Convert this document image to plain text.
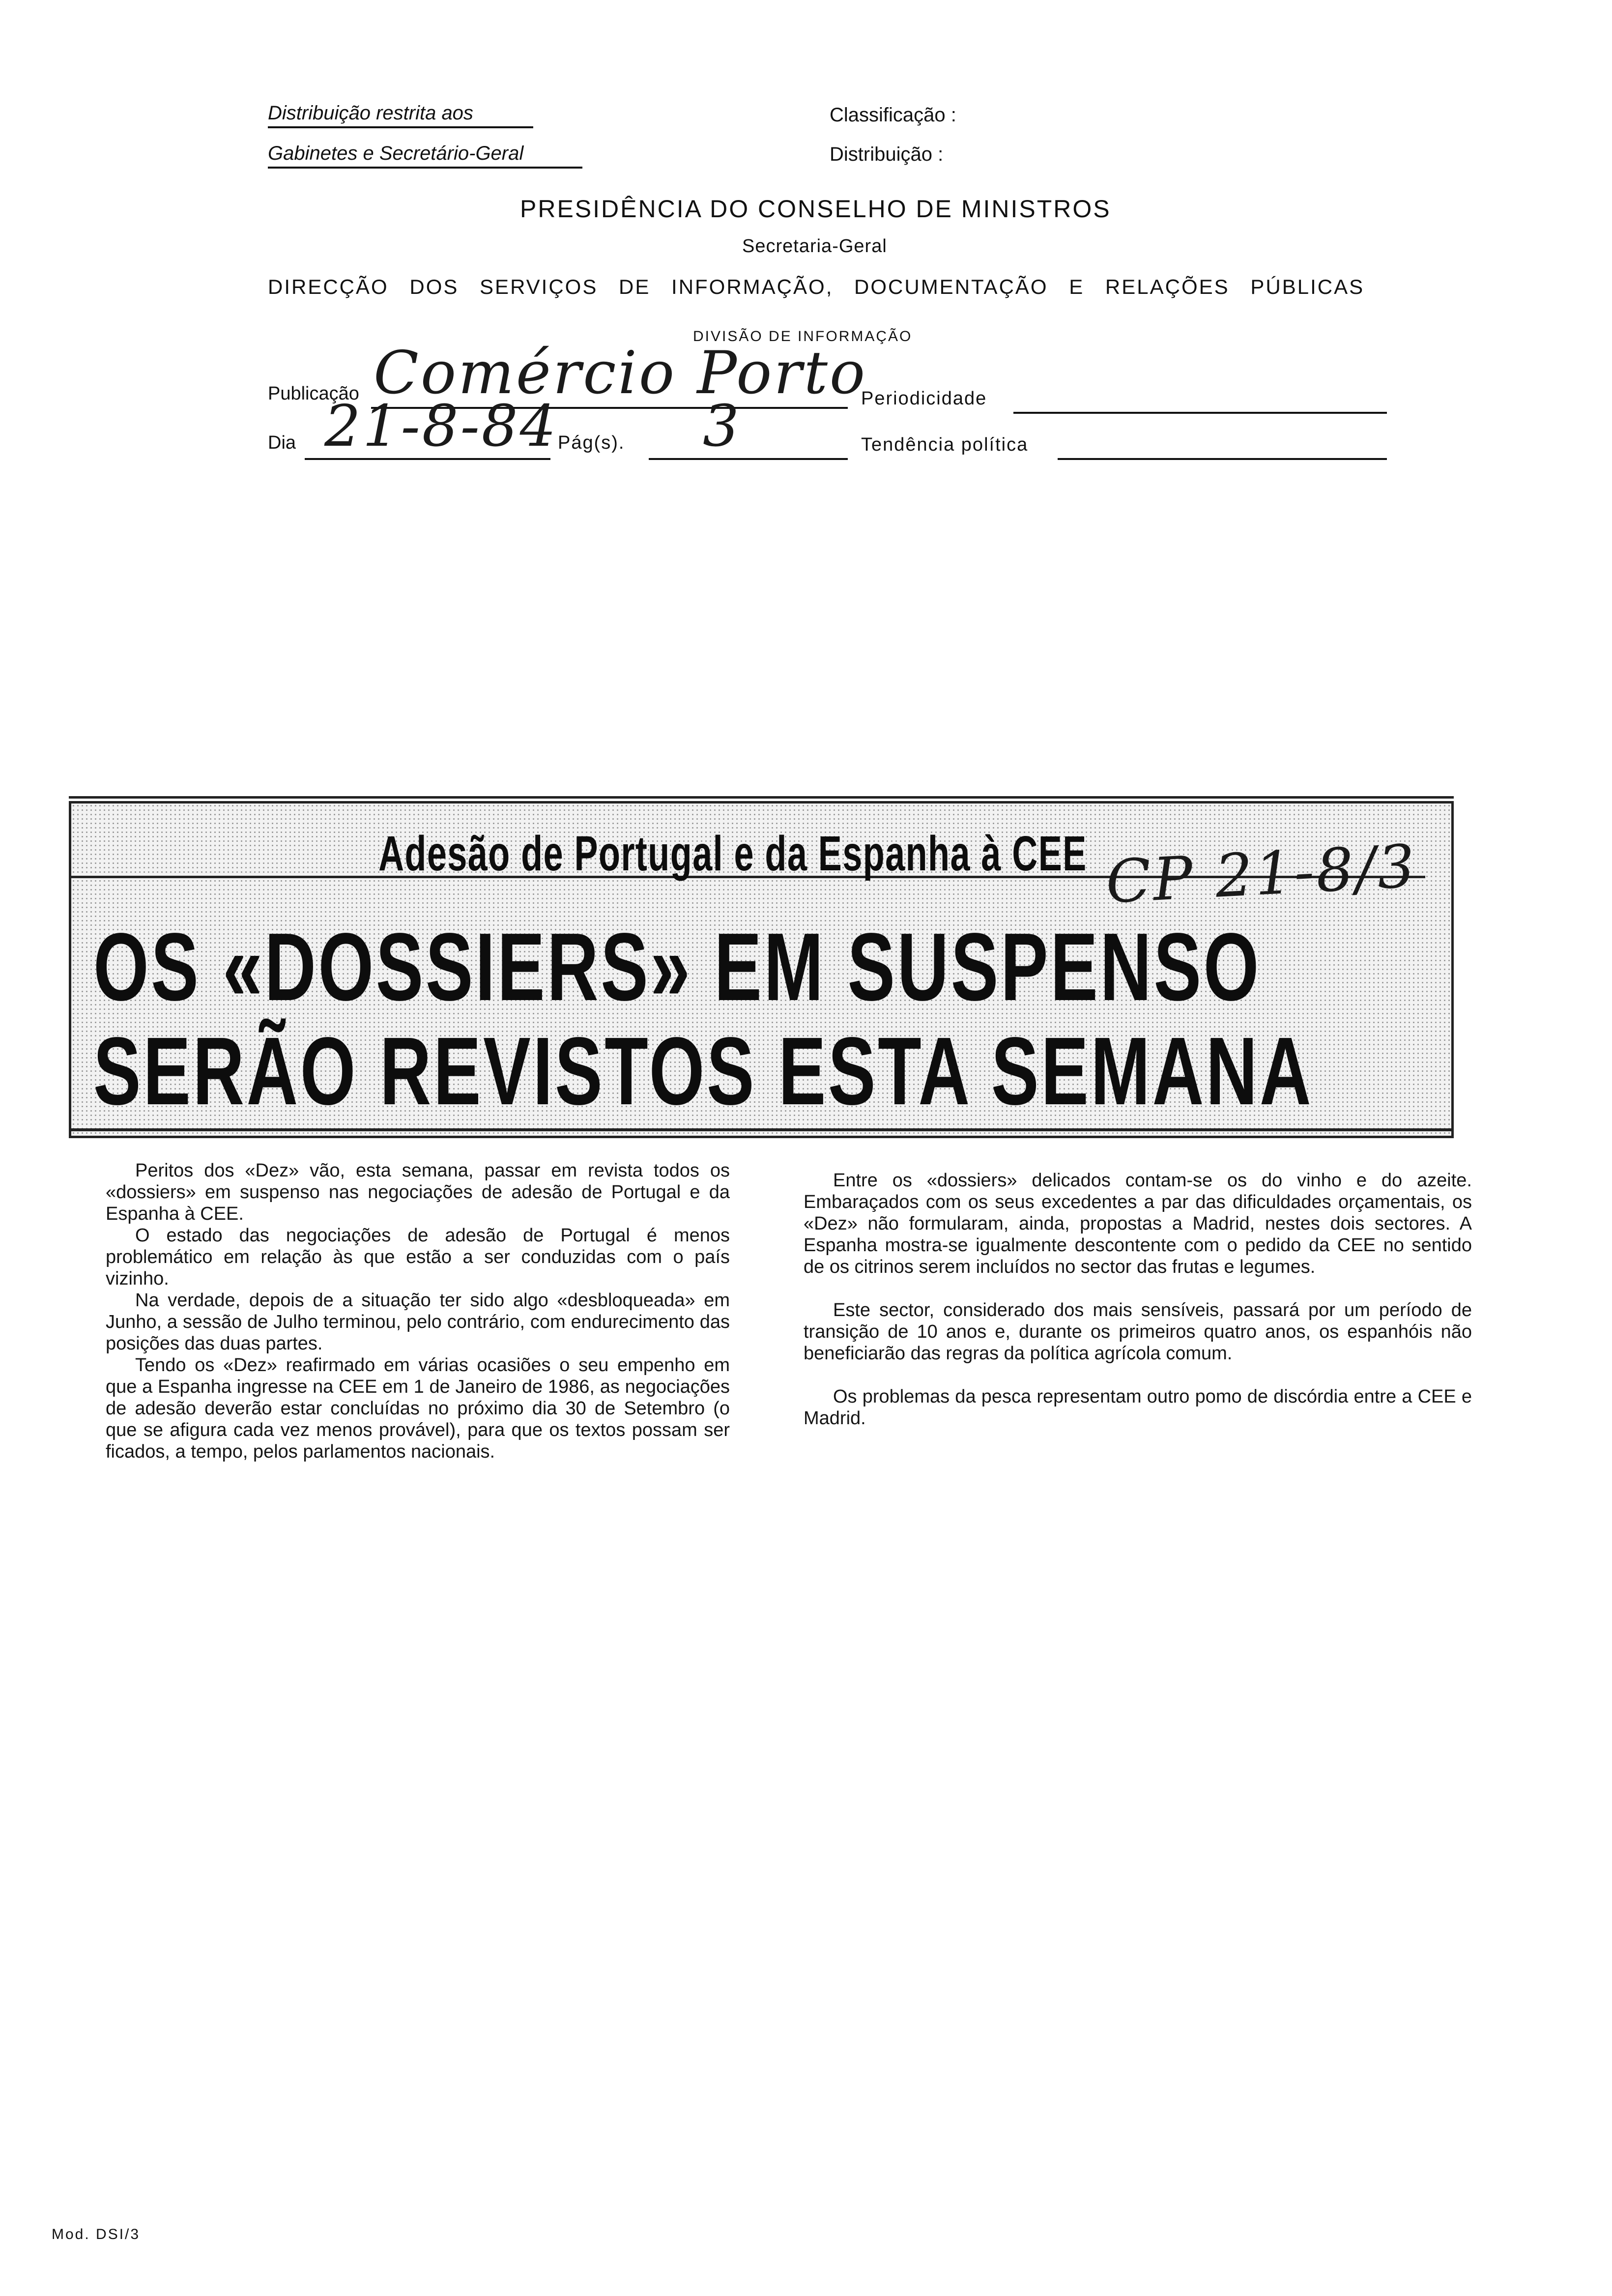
Distribuição restrita aos
Gabinetes e Secretário-Geral
Classificação :
Distribuição :
PRESIDÊNCIA DO CONSELHO DE MINISTROS
Secretaria-Geral
DIRECÇÃO DOS SERVIÇOS DE INFORMAÇÃO, DOCUMENTAÇÃO E RELAÇÕES PÚBLICAS
DIVISÃO DE INFORMAÇÃO
Publicação Comércio Porto
Periodicidade
Dia 21-8-84 Pág(s). 3	Tendência política
Adesão de Portugal e da Espanha à CEE
OS «DOSSIERS» EM SUSPENSO
SERÃO REVISTOS ESTA SEMANA
CP 21-8/3

Peritos dos «Dez» vão, esta semana, passar em revista todos os «dossiers» em suspenso nas negociações de adesão de Portugal e da Espanha à CEE.

O estado das negociações de adesão de Portugal é menos problemático em relação às que estão a ser conduzidas com o país vizinho.

Na verdade, depois de a situação ter sido algo «desbloqueada» em Junho, a sessão de Julho terminou, pelo contrário, com endurecimento das posições das duas partes.

Tendo os «Dez» reafirmado em várias ocasiões o seu empenho em que a Espanha ingresse na CEE em 1 de Janeiro de 1986, as negociações de adesão deverão estar concluídas no próximo dia 30 de Setembro (o que se afigura cada vez menos provável), para que os textos possam ser ficados, a tempo, pelos parlamentos nacionais.

Entre os «dossiers» delicados contam-se os do vinho e do azeite. Embaraçados com os seus excedentes a par das dificuldades orçamentais, os «Dez» não formularam, ainda, propostas a Madrid, nestes dois sectores. A Espanha mostra-se igualmente descontente com o pedido da CEE no sentido de os citrinos serem incluídos no sector das frutas e legumes.

Este sector, considerado dos mais sensíveis, passará por um período de transição de 10 anos e, durante os primeiros quatro anos, os espanhóis não beneficiarão das regras da política agrícola comum.

Os problemas da pesca representam outro pomo de discórdia entre a CEE e Madrid.

Mod. DSI/3
